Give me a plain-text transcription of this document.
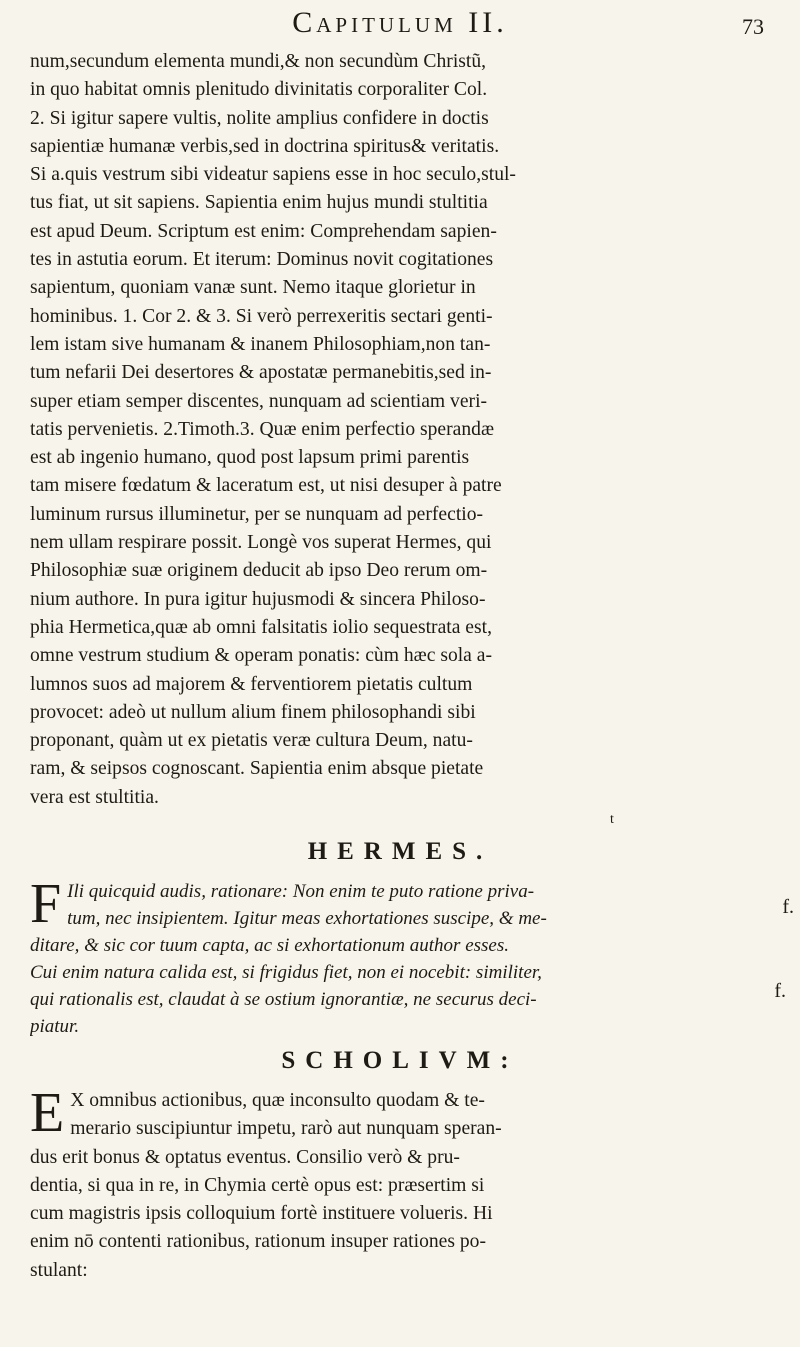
Capitulum II.	73
num,secundum elementa mundi,& non secundùm Christũ,
in quo habitat omnis plenitudo divinitatis corporaliter Col.
2. Si igitur sapere vultis, nolite amplius confidere in doctis
sapientiæ humanæ verbis,sed in doctrina spiritus& veritatis.
Si a.quis vestrum sibi videatur sapiens esse in hoc seculo,stul-
tus fiat, ut sit sapiens. Sapientia enim hujus mundi stultitia
est apud Deum. Scriptum est enim: Comprehendam sapien-
tes in astutia eorum. Et iterum: Dominus novit cogitationes
sapientum, quoniam vanæ sunt. Nemo itaque glorietur in
hominibus. 1. Cor 2. & 3. Si verò perrexeritis sectari genti-
lem istam sive humanam & inanem Philosophiam,non tan-
tum nefarii Dei desertores & apostatæ permanebitis,sed in-
super etiam semper discentes, nunquam ad scientiam veri-
tatis pervenietis. 2.Timoth.3. Quæ enim perfectio sperandæ
est ab ingenio humano, quod post lapsum primi parentis
tam misere fœdatum & laceratum est, ut nisi desuper à patre
luminum rursus illuminetur, per se nunquam ad perfectio-
nem ullam respirare possit. Longè vos superat Hermes, qui
Philosophiæ suæ originem deducit ab ipso Deo rerum om-
nium authore. In pura igitur hujusmodi & sincera Philoso-
phia Hermetica,quæ ab omni falsitatis iolio sequestrata est,
omne vestrum studium & operam ponatis: cùm hæc sola a-
lumnos suos ad majorem & ferventiorem pietatis cultum
provocet: adeò ut nullum alium finem philosophandi sibi
proponant, quàm ut ex pietatis veræ cultura Deum, natu-
ram, & seipsos cognoscant. Sapientia enim absque pietate
vera est stultitia.
t
HERMES.
F Ili quicquid audis, rationare: Non enim te puto ratione priva-
tum, nec insipientem. Igitur meas exhortationes suscipe, & me-
ditare, & sic cor tuum capta, ac si exhortationum author esses.
Cui enim natura calida est, si frigidus fiet, non ei nocebit: similiter,
qui rationalis est, claudat à se ostium ignorantiæ, ne securus deci-
piatur.
SCHOLIVM:
E X omnibus actionibus, quæ inconsulto quodam & te-
merario suscipiuntur impetu, rarò aut nunquam speran-
dus erit bonus & optatus eventus. Consilio verò & pru-
dentia, si qua in re, in Chymia certè opus est: præsertim si
cum magistris ipsis colloquium fortè instituere volueris. Hi
enim nō contenti rationibus, rationum insuper rationes po-
stulant:
f.
f.
